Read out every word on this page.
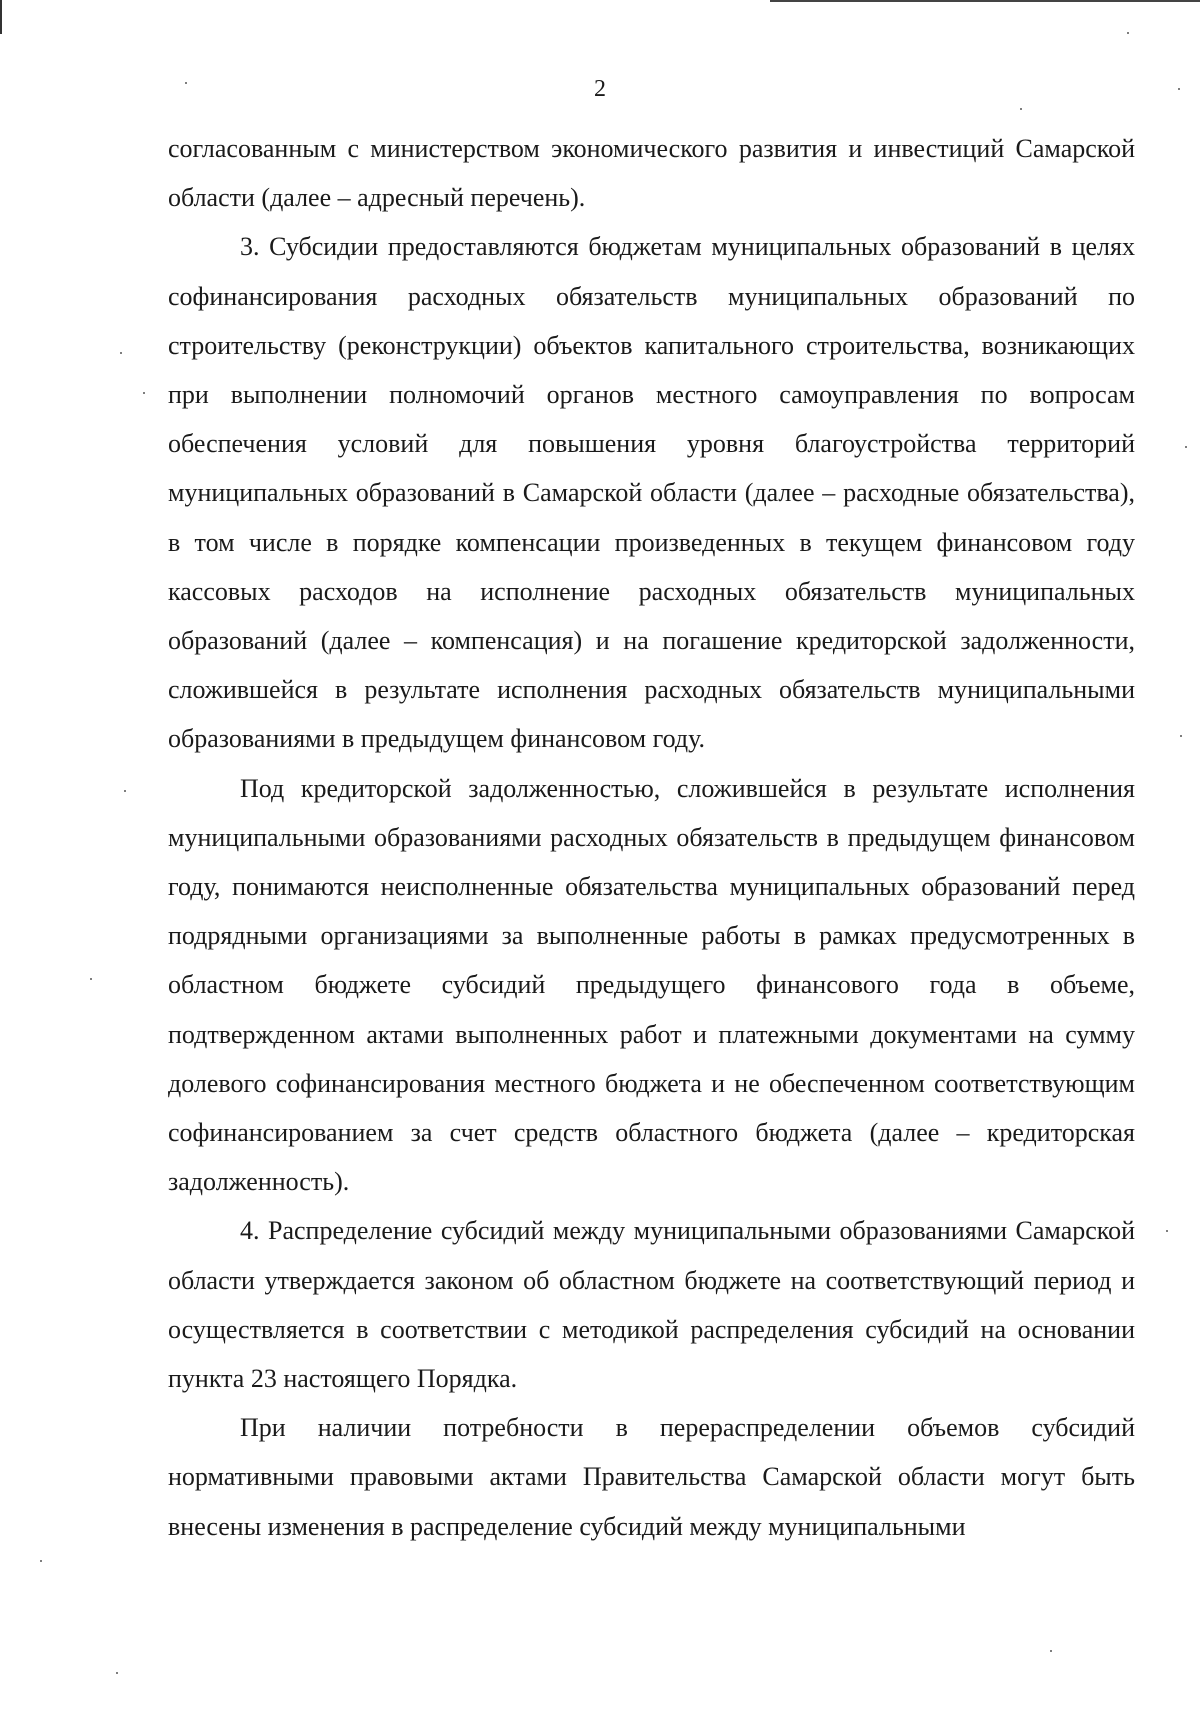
2

согласованным с министерством экономического развития и инвестиций Самарской области (далее – адресный перечень).

3. Субсидии предоставляются бюджетам муниципальных образований в целях софинансирования расходных обязательств муниципальных образований по строительству (реконструкции) объектов капитального строительства, возникающих при выполнении полномочий органов местного самоуправления по вопросам обеспечения условий для повышения уровня благоустройства территорий муниципальных образований в Самарской области (далее – расходные обязательства), в том числе в порядке компенсации произведенных в текущем финансовом году кассовых расходов на исполнение расходных обязательств муниципальных образований (далее – компенсация) и на погашение кредиторской задолженности, сложившейся в результате исполнения расходных обязательств муниципальными образованиями в предыдущем финансовом году.

Под кредиторской задолженностью, сложившейся в результате исполнения муниципальными образованиями расходных обязательств в предыдущем финансовом году, понимаются неисполненные обязательства муниципальных образований перед подрядными организациями за выполненные работы в рамках предусмотренных в областном бюджете субсидий предыдущего финансового года в объеме, подтвержденном актами выполненных работ и платежными документами на сумму долевого софинансирования местного бюджета и не обеспеченном соответствующим софинансированием за счет средств областного бюджета (далее – кредиторская задолженность).

4. Распределение субсидий между муниципальными образованиями Самарской области утверждается законом об областном бюджете на соответствующий период и осуществляется в соответствии с методикой распределения субсидий на основании пункта 23 настоящего Порядка.

При наличии потребности в перераспределении объемов субсидий нормативными правовыми актами Правительства Самарской области могут быть внесены изменения в распределение субсидий между муниципальными
